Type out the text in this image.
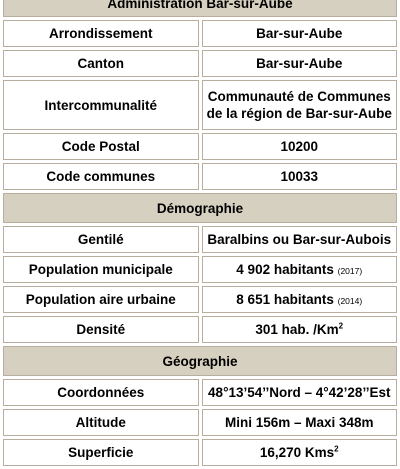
Administration Bar-sur-Aube	
Arrondissement	Bar-sur-Aube
Canton	Bar-sur-Aube
Intercommunalité	Communauté de Communes
de la région de Bar-sur-Aube
Code Postal	10200
Code communes	10033
Démographie	
Gentilé	Baralbins ou Bar-sur-Aubois
Population municipale	4 902 habitants (2017)
Population aire urbaine	8 651 habitants (2014)
Densité	301 hab. /Km$^2$
Géographie	
Coordonnées	48°13’54’’Nord – 4°42’28’’Est
Altitude	Mini 156m – Maxi 348m
Superficie	16,270 Kms$^2$
